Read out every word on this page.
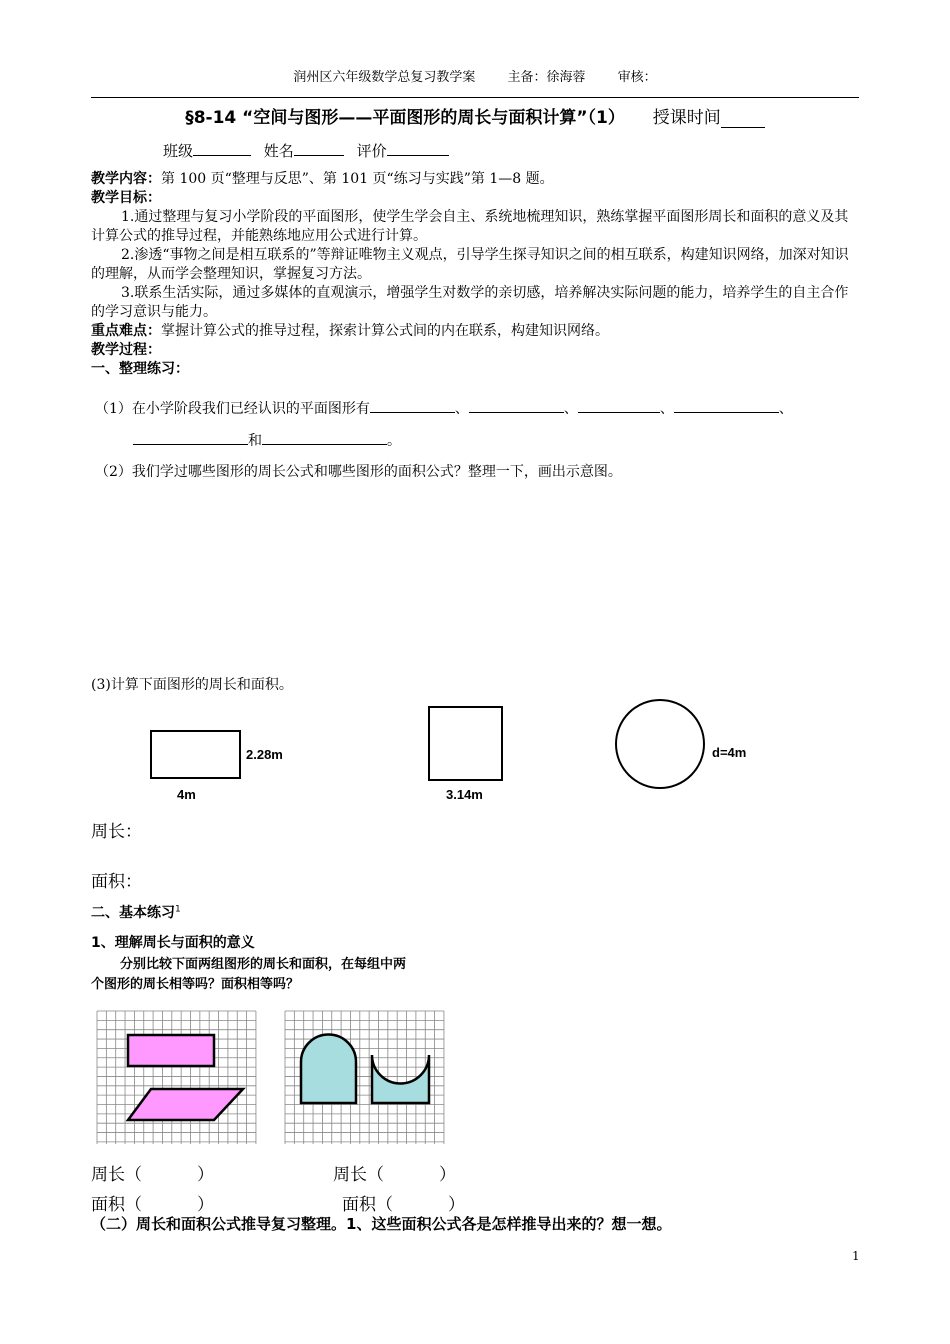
润州区六年级数学总复习教学案 主备：徐海蓉 审核：
§8-14 “空间与图形——平面图形的周长与面积计算”（1） 授课时间
班级	姓名	评价
教学内容：第 100 页“整理与反思”、第 101 页“练习与实践”第 1—8 题。
教学目标：

1.通过整理与复习小学阶段的平面图形，使学生学会自主、系统地梳理知识，熟练掌握平面图形周长和面积的意义及其计算公式的推导过程，并能熟练地应用公式进行计算。

2.渗透“事物之间是相互联系的”等辩证唯物主义观点，引导学生探寻知识之间的相互联系，构建知识网络，加深对知识的理解，从而学会整理知识，掌握复习方法。

3.联系生活实际，通过多媒体的直观演示，增强学生对数学的亲切感，培养解决实际问题的能力，培养学生的自主合作的学习意识与能力。

重点难点：掌握计算公式的推导过程，探索计算公式间的内在联系，构建知识网络。
教学过程：
一、整理练习：
（1）在小学阶段我们已经认识的平面图形有	、	、	、	、
和	。
（2）我们学过哪些图形的周长公式和哪些图形的面积公式？整理一下，画出示意图。
(3)计算下面图形的周长和面积。
2.28m
4m	3.14m
d=4m
周长：
面积：
二、基本练习$^1$
1、理解周长与面积的意义
分别比较下面两组图形的周长和面积，在每组中两
个图形的周长相等吗？面积相等吗？
周长（	）	周长（	）
面积（	）	面积（	）
（二）周长和面积公式推导复习整理。1、这些面积公式各是怎样推导出来的？想一想。
1
